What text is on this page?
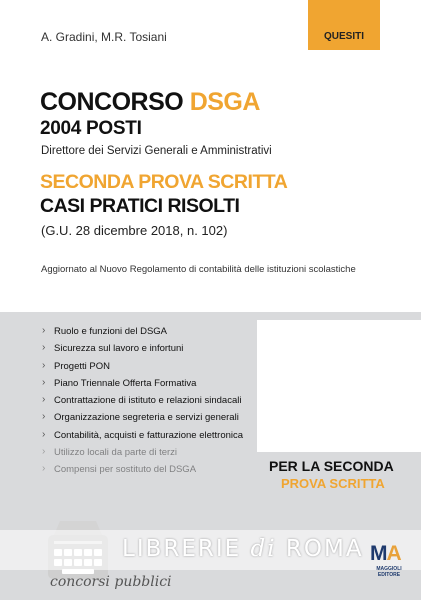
A. Gradini, M.R. Tosiani	QUESITI
CONCORSO DSGA
2004 POSTI
Direttore dei Servizi Generali e Amministrativi
SECONDA PROVA SCRITTA
CASI PRATICI RISOLTI
(G.U. 28 dicembre 2018, n. 102)
Aggiornato al Nuovo Regolamento di contabilità delle istituzioni scolastiche
› Ruolo e funzioni del DSGA
› Sicurezza sul lavoro e infortuni
› Progetti PON
› Piano Triennale Offerta Formativa
› Contrattazione di istituto e relazioni sindacali
› Organizzazione segreteria e servizi generali
› Contabilità, acquisti e fatturazione elettronica
› Utilizzo locali da parte di terzi
› Compensi per sostituto del DSGA	PER LA SECONDA
PROVA SCRITTA
LIBRERIE di ROMA
concorsi pubblici
MA
MAGGIOLI EDITORE
